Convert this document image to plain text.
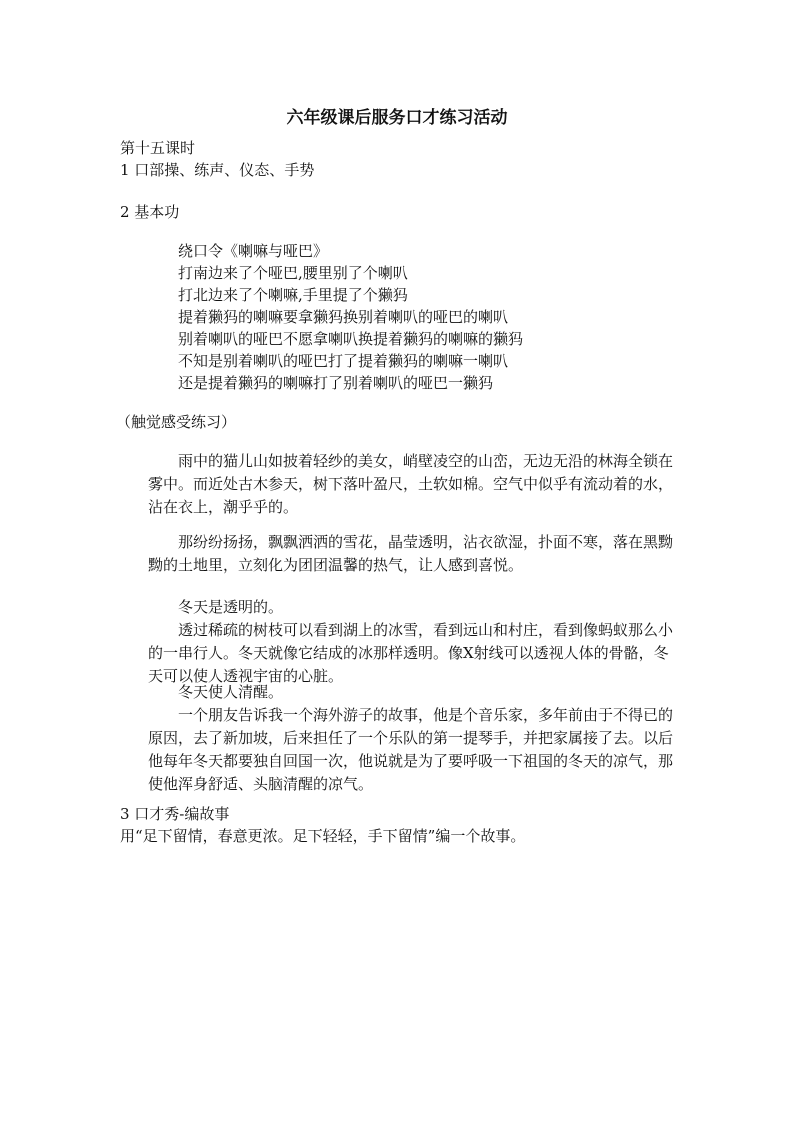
六年级课后服务口才练习活动
第十五课时
1 口部操、练声、仪态、手势
2 基本功
绕口令《喇嘛与哑巴》
打南边来了个哑巴,腰里别了个喇叭
打北边来了个喇嘛,手里提了个獭犸
提着獭犸的喇嘛要拿獭犸换别着喇叭的哑巴的喇叭
别着喇叭的哑巴不愿拿喇叭换提着獭犸的喇嘛的獭犸
不知是别着喇叭的哑巴打了提着獭犸的喇嘛一喇叭
还是提着獭犸的喇嘛打了别着喇叭的哑巴一獭犸
（触觉感受练习）

雨中的猫儿山如披着轻纱的美女，峭壁凌空的山峦，无边无沿的林海全锁在雾中。而近处古木参天，树下落叶盈尺，土软如棉。空气中似乎有流动着的水，沾在衣上，潮乎乎的。

那纷纷扬扬，飘飘洒洒的雪花，晶莹透明，沾衣欲湿，扑面不寒，落在黑黝黝的土地里，立刻化为团团温馨的热气，让人感到喜悦。

冬天是透明的。

透过稀疏的树枝可以看到湖上的冰雪，看到远山和村庄，看到像蚂蚁那么小的一串行人。冬天就像它结成的冰那样透明。像X射线可以透视人体的骨骼，冬天可以使人透视宇宙的心脏。

冬天使人清醒。

一个朋友告诉我一个海外游子的故事，他是个音乐家，多年前由于不得已的原因，去了新加坡，后来担任了一个乐队的第一提琴手，并把家属接了去。以后他每年冬天都要独自回国一次，他说就是为了要呼吸一下祖国的冬天的凉气，那使他浑身舒适、头脑清醒的凉气。

3 口才秀-编故事
用“足下留情，春意更浓。足下轻轻，手下留情”编一个故事。
